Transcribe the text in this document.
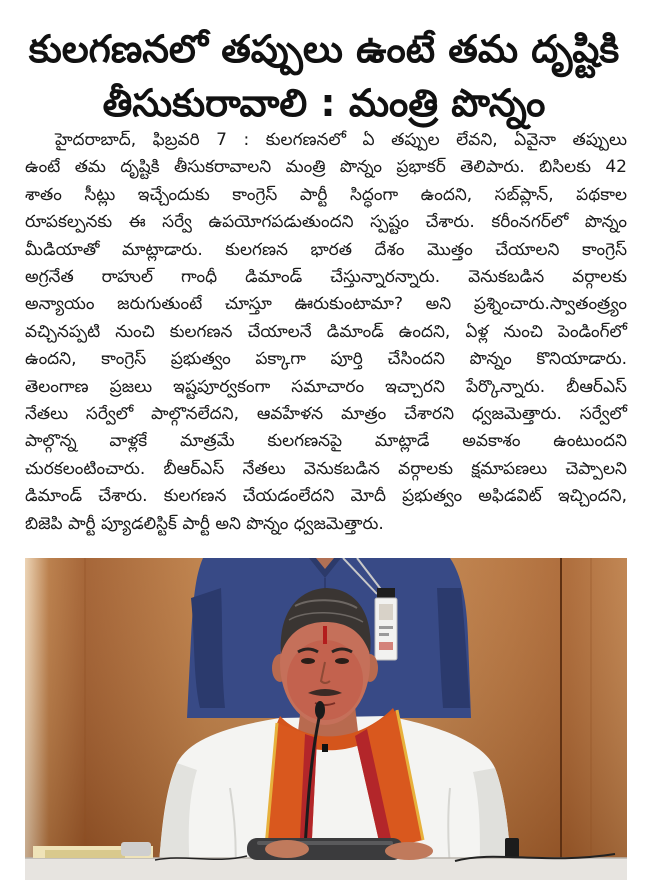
కులగణనలో తప్పులు ఉంటే తమ దృష్టికి
తీసుకురావాలి : మంత్రి పొన్నం
హైదరాబాద్, ఫిబ్రవరి 7 : కులగణనలో ఏ తప్పుల లేవని, ఏవైనా తప్పులు
ఉంటే తమ దృష్టికి తీసుకరావాలని మంత్రి పొన్నం ప్రభాకర్ తెలిపారు. బిసిలకు 42
శాతం సీట్లు ఇచ్చేందుకు కాంగ్రెస్ పార్టీ సిద్ధంగా ఉందని, సబ్‌ప్లాన్, పథకాల
రూపకల్పనకు ఈ సర్వే ఉపయోగపడుతుందని స్పష్టం చేశారు. కరీంనగర్‌లో పొన్నం
మీడియాతో మాట్లాడారు. కులగణన భారత దేశం మొత్తం చేయాలని కాంగ్రెస్
అగ్రనేత రాహుల్ గాంధీ డిమాండ్ చేస్తున్నారన్నారు. వెనుకబడిన వర్గాలకు
అన్యాయం జరుగుతుంటే చూస్తూ ఊరుకుంటామా? అని ప్రశ్నించారు.స్వాతంత్ర్యం
వచ్చినప్పటి నుంచి కులగణన చేయాలనే డిమాండ్ ఉందని, ఏళ్ల నుంచి పెండింగ్‌లో
ఉందని, కాంగ్రెస్ ప్రభుత్వం పక్కాగా పూర్తి చేసిందని పొన్నం కొనియాడారు.
తెలంగాణ ప్రజలు ఇష్టపూర్వకంగా సమాచారం ఇచ్చారని పేర్కొన్నారు. బీఆర్ఎస్
నేతలు సర్వేలో పాల్గొనలేదని, ఆవహేళన మాత్రం చేశారని ధ్వజమెత్తారు. సర్వేలో
పాల్గొన్న వాళ్లకే మాత్రమే కులగణనపై మాట్లాడే అవకాశం ఉంటుందని
చురకలంటించారు. బీఆర్ఎస్ నేతలు వెనుకబడిన వర్గాలకు క్షమాపణలు చెప్పాలని
డిమాండ్ చేశారు. కులగణన చేయడంలేదని మోదీ ప్రభుత్వం అఫిడవిట్ ఇచ్చిందని,
బిజెపి పార్టీ ప్యూడలిస్టిక్ పార్టీ అని పొన్నం ధ్వజమెత్తారు.
